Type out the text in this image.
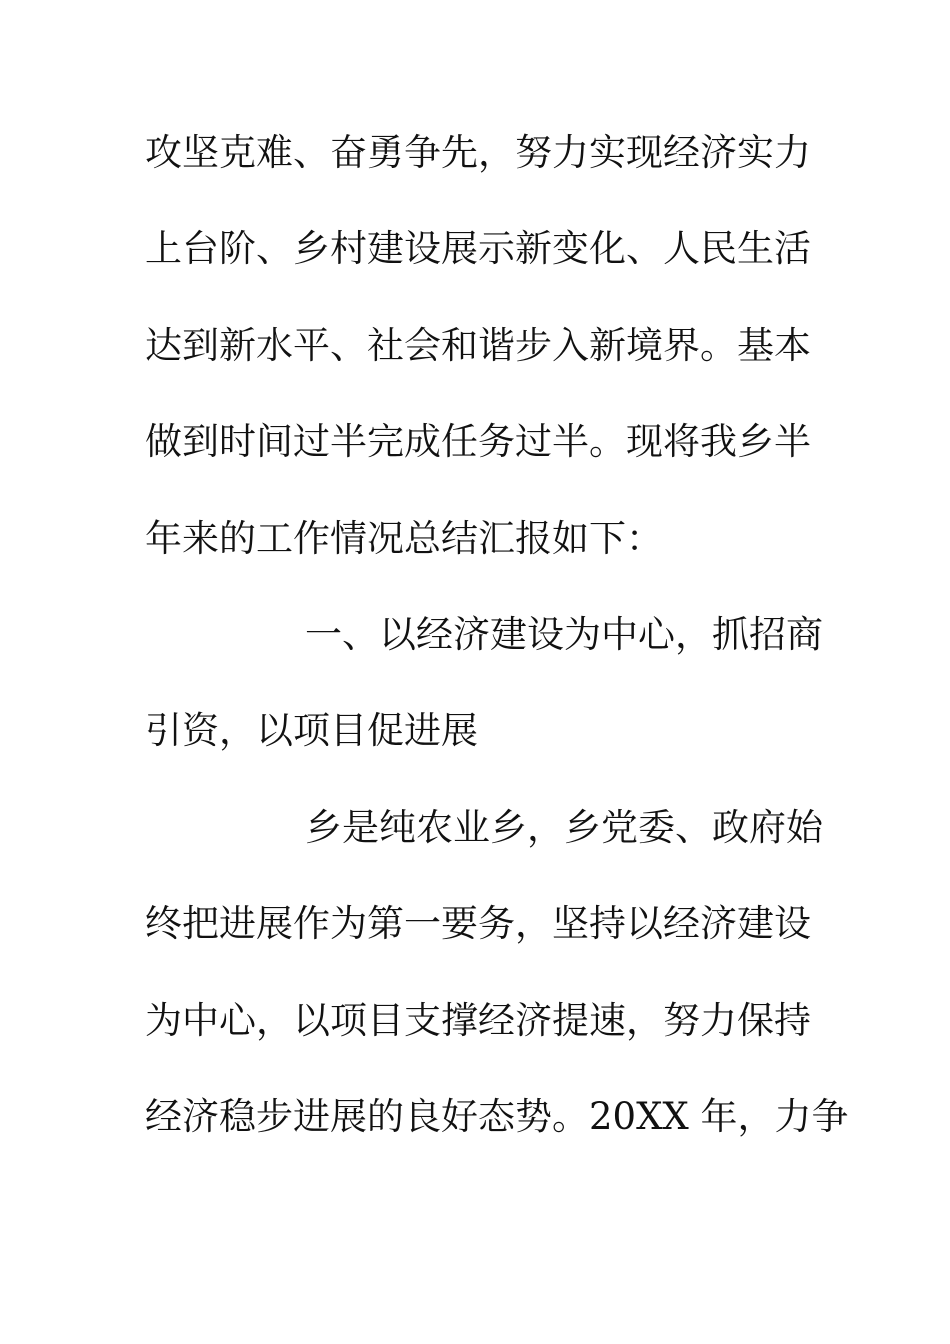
攻坚克难、奋勇争先，努力实现经济实力
上台阶、乡村建设展示新变化、人民生活
达到新水平、社会和谐步入新境界。基本
做到时间过半完成任务过半。现将我乡半
年来的工作情况总结汇报如下：
一、以经济建设为中心，抓招商
引资，以项目促进展
乡是纯农业乡，乡党委、政府始
终把进展作为第一要务，坚持以经济建设
为中心，以项目支撑经济提速，努力保持
经济稳步进展的良好态势。20XX 年，力争
